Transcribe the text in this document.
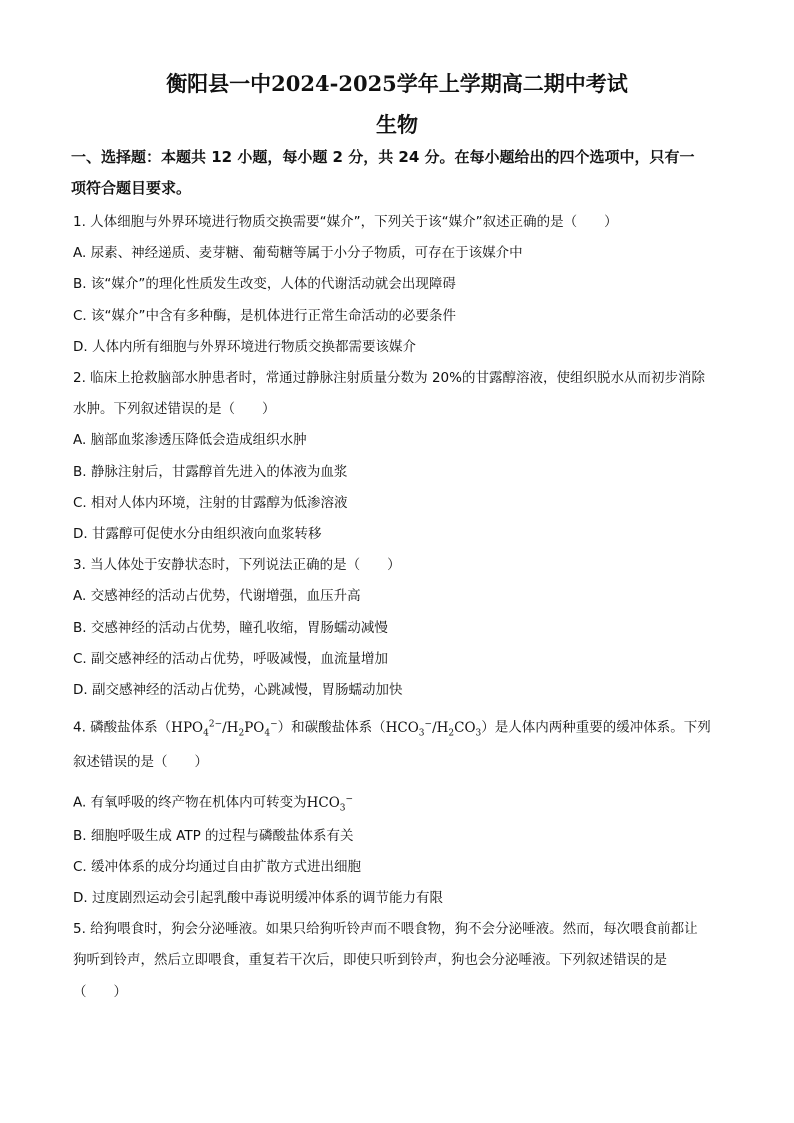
衡阳县一中2024-2025学年上学期高二期中考试
生物
一、选择题：本题共 12 小题，每小题 2 分，共 24 分。在每小题给出的四个选项中，只有一
项符合题目要求。
1. 人体细胞与外界环境进行物质交换需要“媒介”，下列关于该“媒介”叙述正确的是（　　）
A. 尿素、神经递质、麦芽糖、葡萄糖等属于小分子物质，可存在于该媒介中
B. 该“媒介”的理化性质发生改变，人体的代谢活动就会出现障碍
C. 该“媒介”中含有多种酶，是机体进行正常生命活动的必要条件
D. 人体内所有细胞与外界环境进行物质交换都需要该媒介
2. 临床上抢救脑部水肿患者时，常通过静脉注射质量分数为 20%的甘露醇溶液，使组织脱水从而初步消除
水肿。下列叙述错误的是（　　）
A. 脑部血浆渗透压降低会造成组织水肿
B. 静脉注射后，甘露醇首先进入的体液为血浆
C. 相对人体内环境，注射的甘露醇为低渗溶液
D. 甘露醇可促使水分由组织液向血浆转移
3. 当人体处于安静状态时，下列说法正确的是（　　）
A. 交感神经的活动占优势，代谢增强，血压升高
B. 交感神经的活动占优势，瞳孔收缩，胃肠蠕动减慢
C. 副交感神经的活动占优势，呼吸减慢，血流量增加
D. 副交感神经的活动占优势，心跳减慢，胃肠蠕动加快
4. 磷酸盐体系$(HPO_4^{2-}/H_2PO_4^-)$和碳酸盐体系$(HCO_3^-/H_2CO_3)$是人体内两种重要的缓冲体系。下列
叙述错误的是（　　）
A. 有氧呼吸的终产物在机体内可转变为$HCO_3^-$
B. 细胞呼吸生成 ATP 的过程与磷酸盐体系有关
C. 缓冲体系的成分均通过自由扩散方式进出细胞
D. 过度剧烈运动会引起乳酸中毒说明缓冲体系的调节能力有限
5. 给狗喂食时，狗会分泌唾液。如果只给狗听铃声而不喂食物，狗不会分泌唾液。然而，每次喂食前都让
狗听到铃声，然后立即喂食，重复若干次后，即使只听到铃声，狗也会分泌唾液。下列叙述错误的是
（　　）
